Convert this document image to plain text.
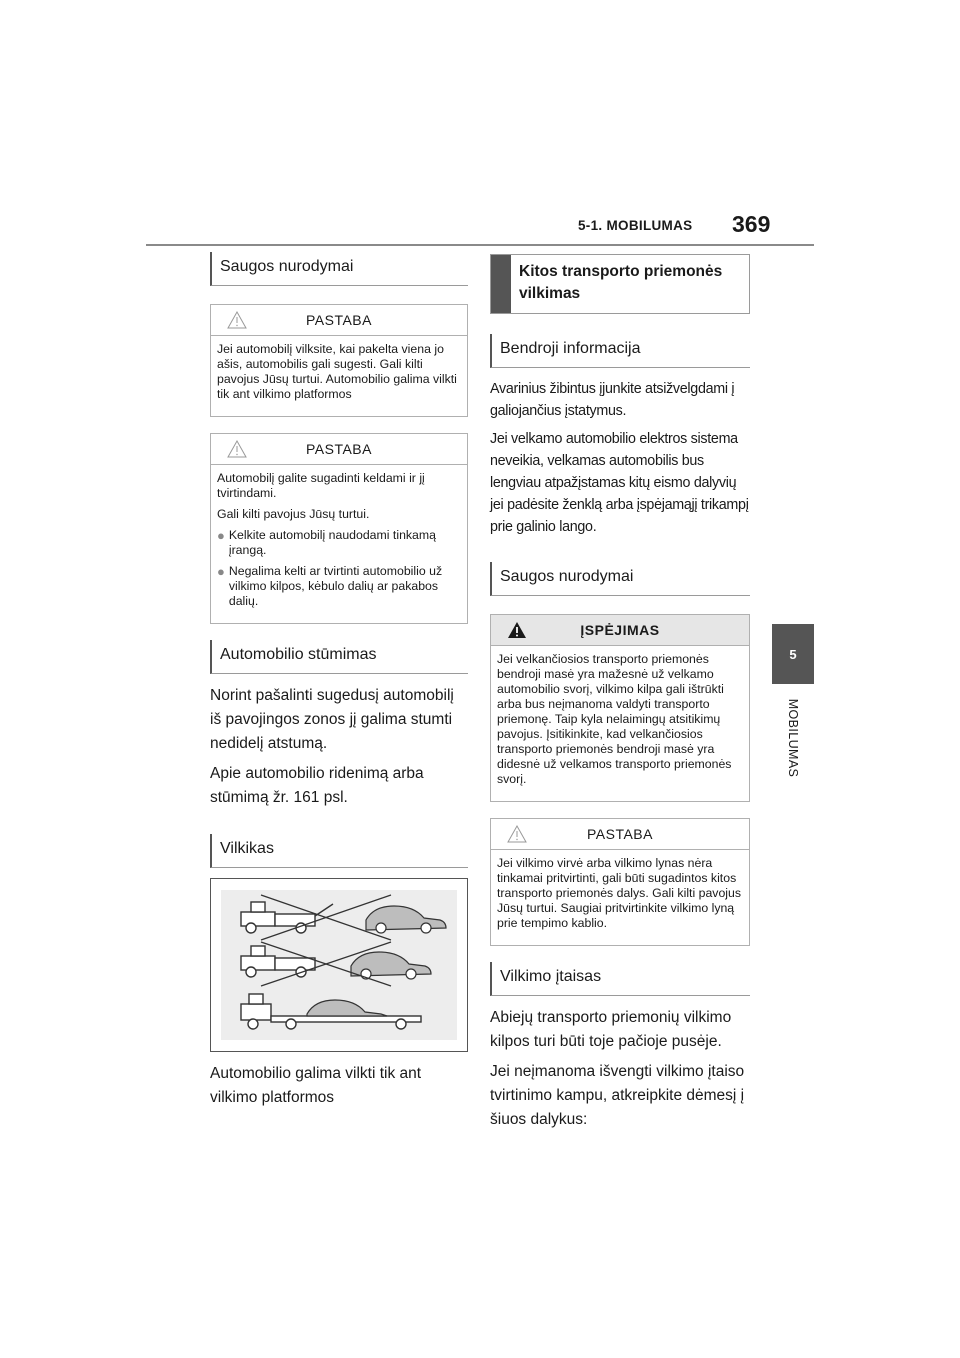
5-1. MOBILUMAS 369
5
MOBILUMAS
Saugos nurodymai
PASTABA

Jei automobilį vilksite, kai pakelta viena jo ašis, automobilis gali sugesti. Gali kilti pavojus Jūsų turtui. Automobilio galima vilkti tik ant vilkimo platformos

PASTABA

Automobilį galite sugadinti keldami ir jį tvirtindami.

Gali kilti pavojus Jūsų turtui.

● Kelkite automobilį naudodami tinkamą įrangą.
● Negalima kelti ar tvirtinti automobilio už vilkimo kilpos, kėbulo dalių ar pakabos dalių.
Automobilio stūmimas

Norint pašalinti sugedusį automobilį iš pavojingos zonos jį galima stumti nedidelį atstumą.

Apie automobilio ridenimą arba stūmimą žr. 161 psl.

Vilkikas

Automobilio galima vilkti tik ant vilkimo platformos

Kitos transporto priemonės vilkimas
Bendroji informacija

Avarinius žibintus įjunkite atsižvelgdami į galiojančius įstatymus.

Jei velkamo automobilio elektros sistema neveikia, velkamas automobilis bus lengviau atpažįstamas kitų eismo dalyvių jei padėsite ženklą arba įspėjamąjį trikampį prie galinio lango.

Saugos nurodymai
ĮSPĖJIMAS

Jei velkančiosios transporto priemonės bendroji masė yra mažesnė už velkamo automobilio svorį, vilkimo kilpa gali ištrūkti arba bus neįmanoma valdyti transporto priemonę. Taip kyla nelaimingų atsitikimų pavojus. Įsitikinkite, kad velkančiosios transporto priemonės bendroji masė yra didesnė už velkamos transporto priemonės svorį.

PASTABA

Jei vilkimo virvė arba vilkimo lynas nėra tinkamai pritvirtinti, gali būti sugadintos kitos transporto priemonės dalys. Gali kilti pavojus Jūsų turtui. Saugiai pritvirtinkite vilkimo lyną prie tempimo kablio.

Vilkimo įtaisas

Abiejų transporto priemonių vilkimo kilpos turi būti toje pačioje pusėje.

Jei neįmanoma išvengti vilkimo įtaiso tvirtinimo kampu, atkreipkite dėmesį į šiuos dalykus:
